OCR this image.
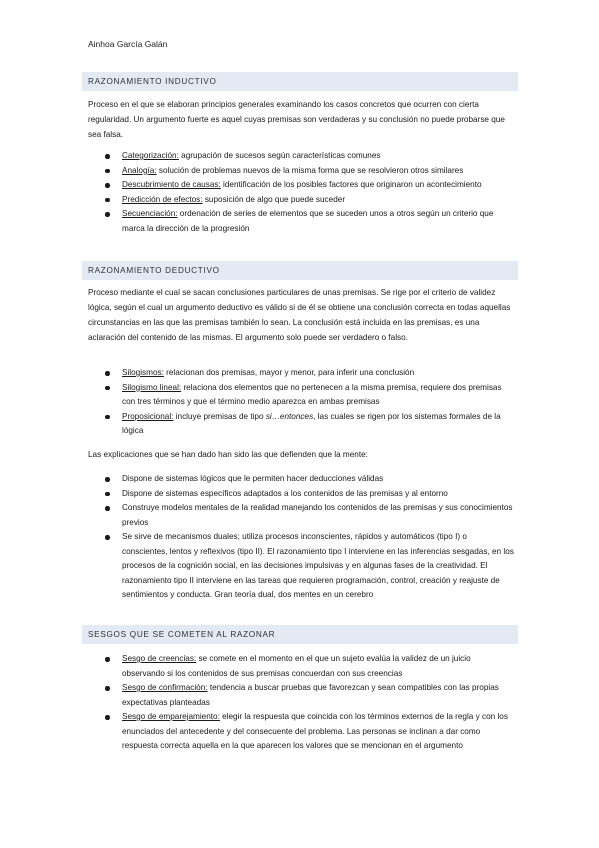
Ainhoa García Galán
RAZONAMIENTO INDUCTIVO

Proceso en el que se elaboran principios generales examinando los casos concretos que ocurren con cierta regularidad. Un argumento fuerte es aquel cuyas premisas son verdaderas y su conclusión no puede probarse que sea falsa.

Categorización: agrupación de sucesos según características comunes
Analogía: solución de problemas nuevos de la misma forma que se resolvieron otros similares
Descubrimiento de causas: identificación de los posibles factores que originaron un acontecimiento
Predicción de efectos: suposición de algo que puede suceder
Secuenciación: ordenación de series de elementos que se suceden unos a otros según un criterio que marca la dirección de la progresión
RAZONAMIENTO DEDUCTIVO

Proceso mediante el cual se sacan conclusiones particulares de unas premisas. Se rige por el criterio de validez lógica, según el cual un argumento deductivo es válido si de él se obtiene una conclusión correcta en todas aquellas circunstancias en las que las premisas también lo sean. La conclusión está incluida en las premisas, es una aclaración del contenido de las mismas. El argumento solo puede ser verdadero o falso.

Silogismos: relacionan dos premisas, mayor y menor, para inferir una conclusión
Silogismo lineal: relaciona dos elementos que no pertenecen a la misma premisa, requiere dos premisas con tres términos y que el término medio aparezca en ambas premisas
Proposicional: incluye premisas de tipo si…entonces, las cuales se rigen por los sistemas formales de la lógica

Las explicaciones que se han dado han sido las que defienden que la mente:

Dispone de sistemas lógicos que le permiten hacer deducciones válidas
Dispone de sistemas específicos adaptados a los contenidos de las premisas y al entorno
Construye modelos mentales de la realidad manejando los contenidos de las premisas y sus conocimientos previos
Se sirve de mecanismos duales; utiliza procesos inconscientes, rápidos y automáticos (tipo I) o conscientes, lentos y reflexivos (tipo II). El razonamiento tipo I interviene en las inferencias sesgadas, en los procesos de la cognición social, en las decisiones impulsivas y en algunas fases de la creatividad. El razonamiento tipo II interviene en las tareas que requieren programación, control, creación y reajuste de sentimientos y conducta. Gran teoría dual, dos mentes en un cerebro
SESGOS QUE SE COMETEN AL RAZONAR
Sesgo de creencias: se comete en el momento en el que un sujeto evalúa la validez de un juicio observando si los contenidos de sus premisas concuerdan con sus creencias
Sesgo de confirmación: tendencia a buscar pruebas que favorezcan y sean compatibles con las propias expectativas planteadas
Sesgo de emparejamiento: elegir la respuesta que coincida con los términos externos de la regla y con los enunciados del antecedente y del consecuente del problema. Las personas se inclinan a dar como respuesta correcta aquella en la que aparecen los valores que se mencionan en el argumento
